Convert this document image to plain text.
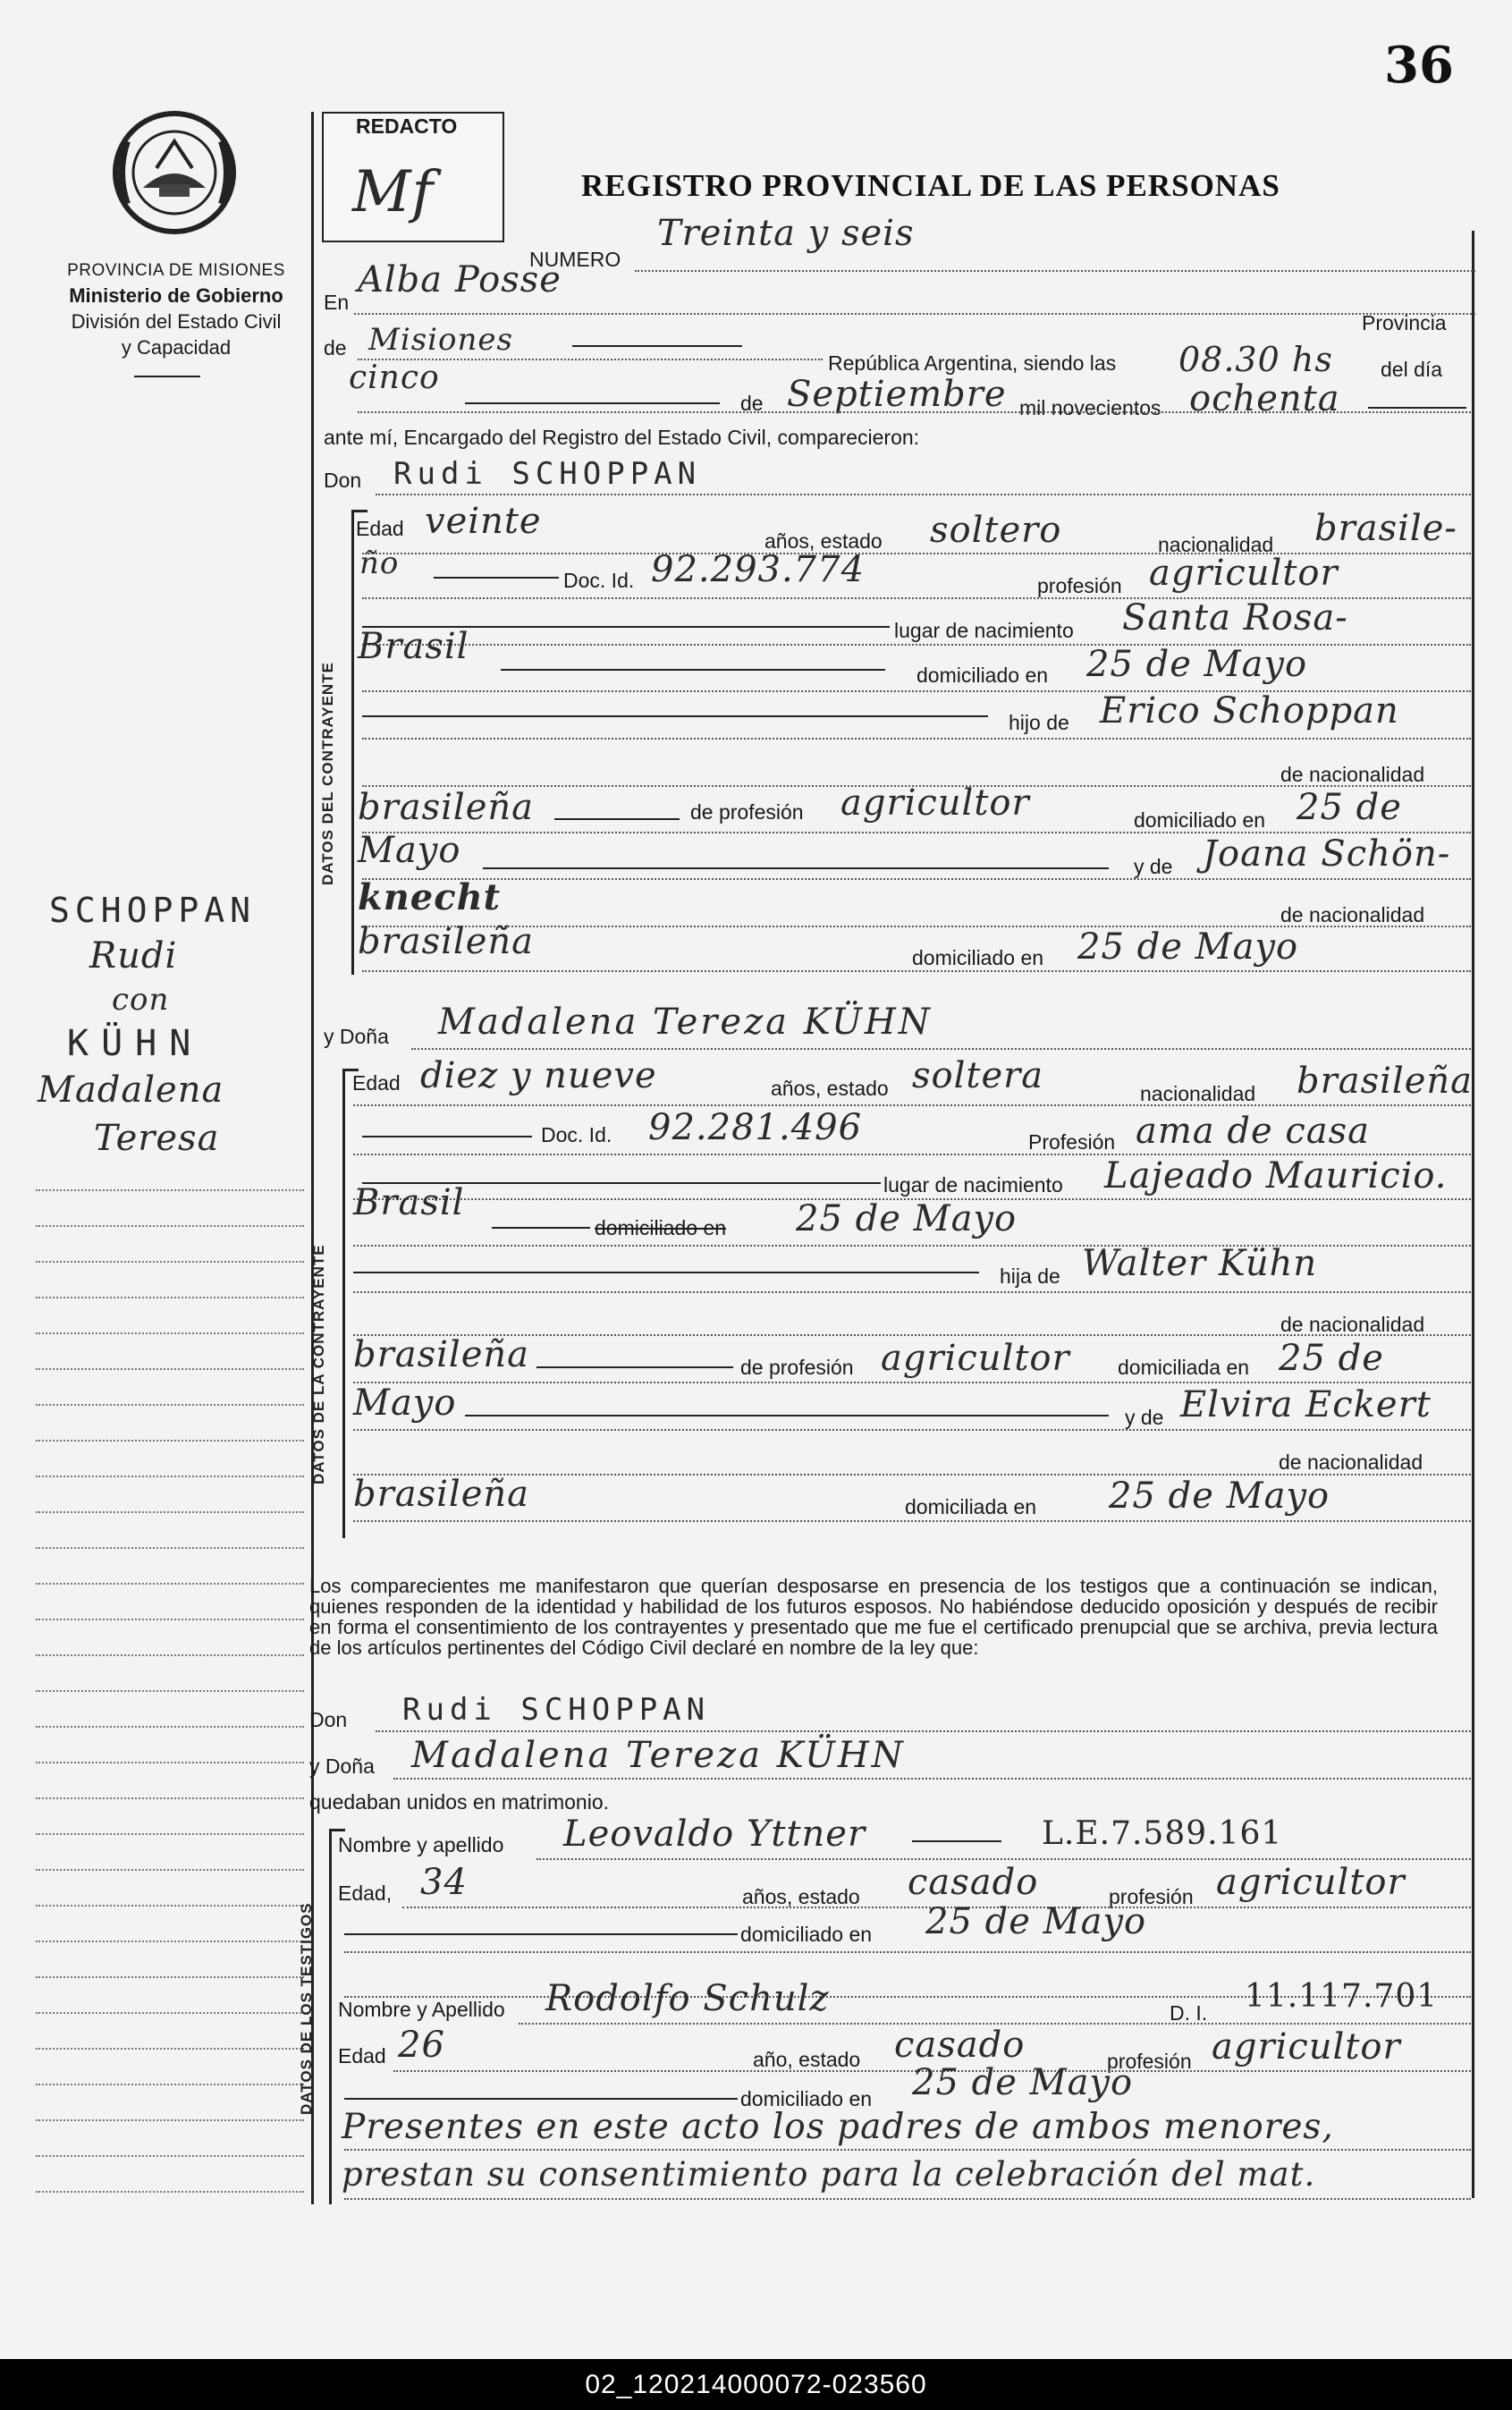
36
PROVINCIA DE MISIONES
Ministerio de Gobierno
División del Estado Civil
y Capacidad
REDACTO
Mf	REGISTRO PROVINCIAL DE LAS PERSONAS
SCHOPPAN
Rudi
con
KÜHN
Madalena
Teresa
NUMERO
Treinta y seis
En
Alba Posse
de Misiones	Provincia
República Argentina, siendo las 08.30 hs del día
cinco
de Septiembre mil novecientos ochenta
ante mí, Encargado del Registro del Estado Civil, comparecieron:
Don Rudi SCHOPPAN
DATOS DEL CONTRAYENTE
Edad veinte	años, estado soltero	nacionalidad brasile-
ño	Doc. Id. 92.293.774	profesión agricultor
lugar de nacimiento Santa Rosa-
Brasil
domiciliado en 25 de Mayo
hijo de Erico Schoppan
de nacionalidad
brasileña	de profesión agricultor	domiciliado en 25 de
Mayo	y de Joana Schön-
knecht	de nacionalidad
brasileña	domiciliado en 25 de Mayo
y Doña Madalena Tereza KÜHN
DATOS DE LA CONTRAYENTE
Edad diez y nueve	años, estado soltera	nacionalidad brasileña
Doc. Id. 92.281.496	Profesión ama de casa
lugar de nacimiento Lajeado Mauricio.
Brasil
domiciliado en 25 de Mayo
hija de Walter Kühn
de nacionalidad
brasileña	de profesión agricultor domiciliada en 25 de
Mayo	y de Elvira Eckert
de nacionalidad
brasileña	domiciliada en 25 de Mayo
Los comparecientes me manifestaron que querían desposarse en presencia de los testigos que a continuación se indican, quienes responden de la identidad y habilidad de los futuros esposos. No habiéndose deducido oposición y después de recibir en forma el consentimiento de los contrayentes y presentado que me fue el certificado prenupcial que se archiva, previa lectura de los artículos pertinentes del Código Civil declaré en nombre de la ley que:
Don Rudi SCHOPPAN
y Doña Madalena Tereza KÜHN
quedaban unidos en matrimonio.
DATOS DE LOS TESTIGOS
Nombre y apellido Leovaldo Yttner	L.E.7.589.161
Edad, 34	años, estado casado	profesión agricultor
domiciliado en 25 de Mayo
Nombre y Apellido Rodolfo Schulz	D. I. 11.117.701
Edad 26	año, estado casado	profesión agricultor
domiciliado en 25 de Mayo
Presentes en este acto los padres de ambos menores,
prestan su consentimiento para la celebración del mat.
02_120214000072-023560
